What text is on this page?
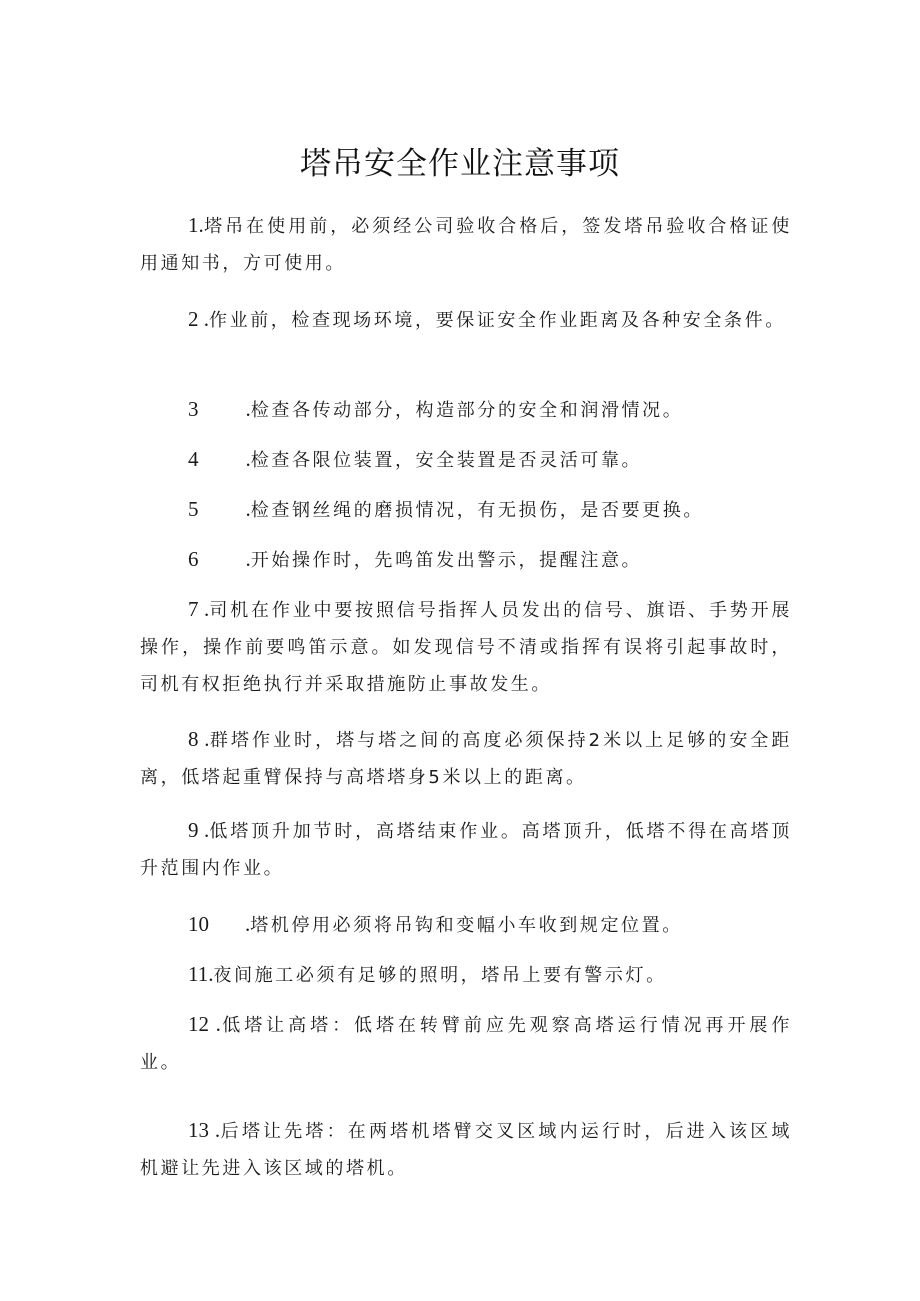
塔吊安全作业注意事项

1.塔吊在使用前，必须经公司验收合格后，签发塔吊验收合格证使用通知书，方可使用。

2 .作业前，检查现场环境，要保证安全作业距离及各种安全条件。

3 .检查各传动部分，构造部分的安全和润滑情况。

4 .检查各限位装置，安全装置是否灵活可靠。

5 .检查钢丝绳的磨损情况，有无损伤，是否要更换。

6 .开始操作时，先鸣笛发出警示，提醒注意。

7 .司机在作业中要按照信号指挥人员发出的信号、旗语、手势开展操作，操作前要鸣笛示意。如发现信号不清或指挥有误将引起事故时，司机有权拒绝执行并采取措施防止事故发生。

8 .群塔作业时，塔与塔之间的高度必须保持2米以上足够的安全距离，低塔起重臂保持与高塔塔身5米以上的距离。

9 .低塔顶升加节时，高塔结束作业。高塔顶升，低塔不得在高塔顶升范围内作业。

10 .塔机停用必须将吊钩和变幅小车收到规定位置。

11.夜间施工必须有足够的照明，塔吊上要有警示灯。

12 .低塔让高塔：低塔在转臂前应先观察高塔运行情况再开展作业。

13 .后塔让先塔：在两塔机塔臂交叉区域内运行时，后进入该区域机避让先进入该区域的塔机。
